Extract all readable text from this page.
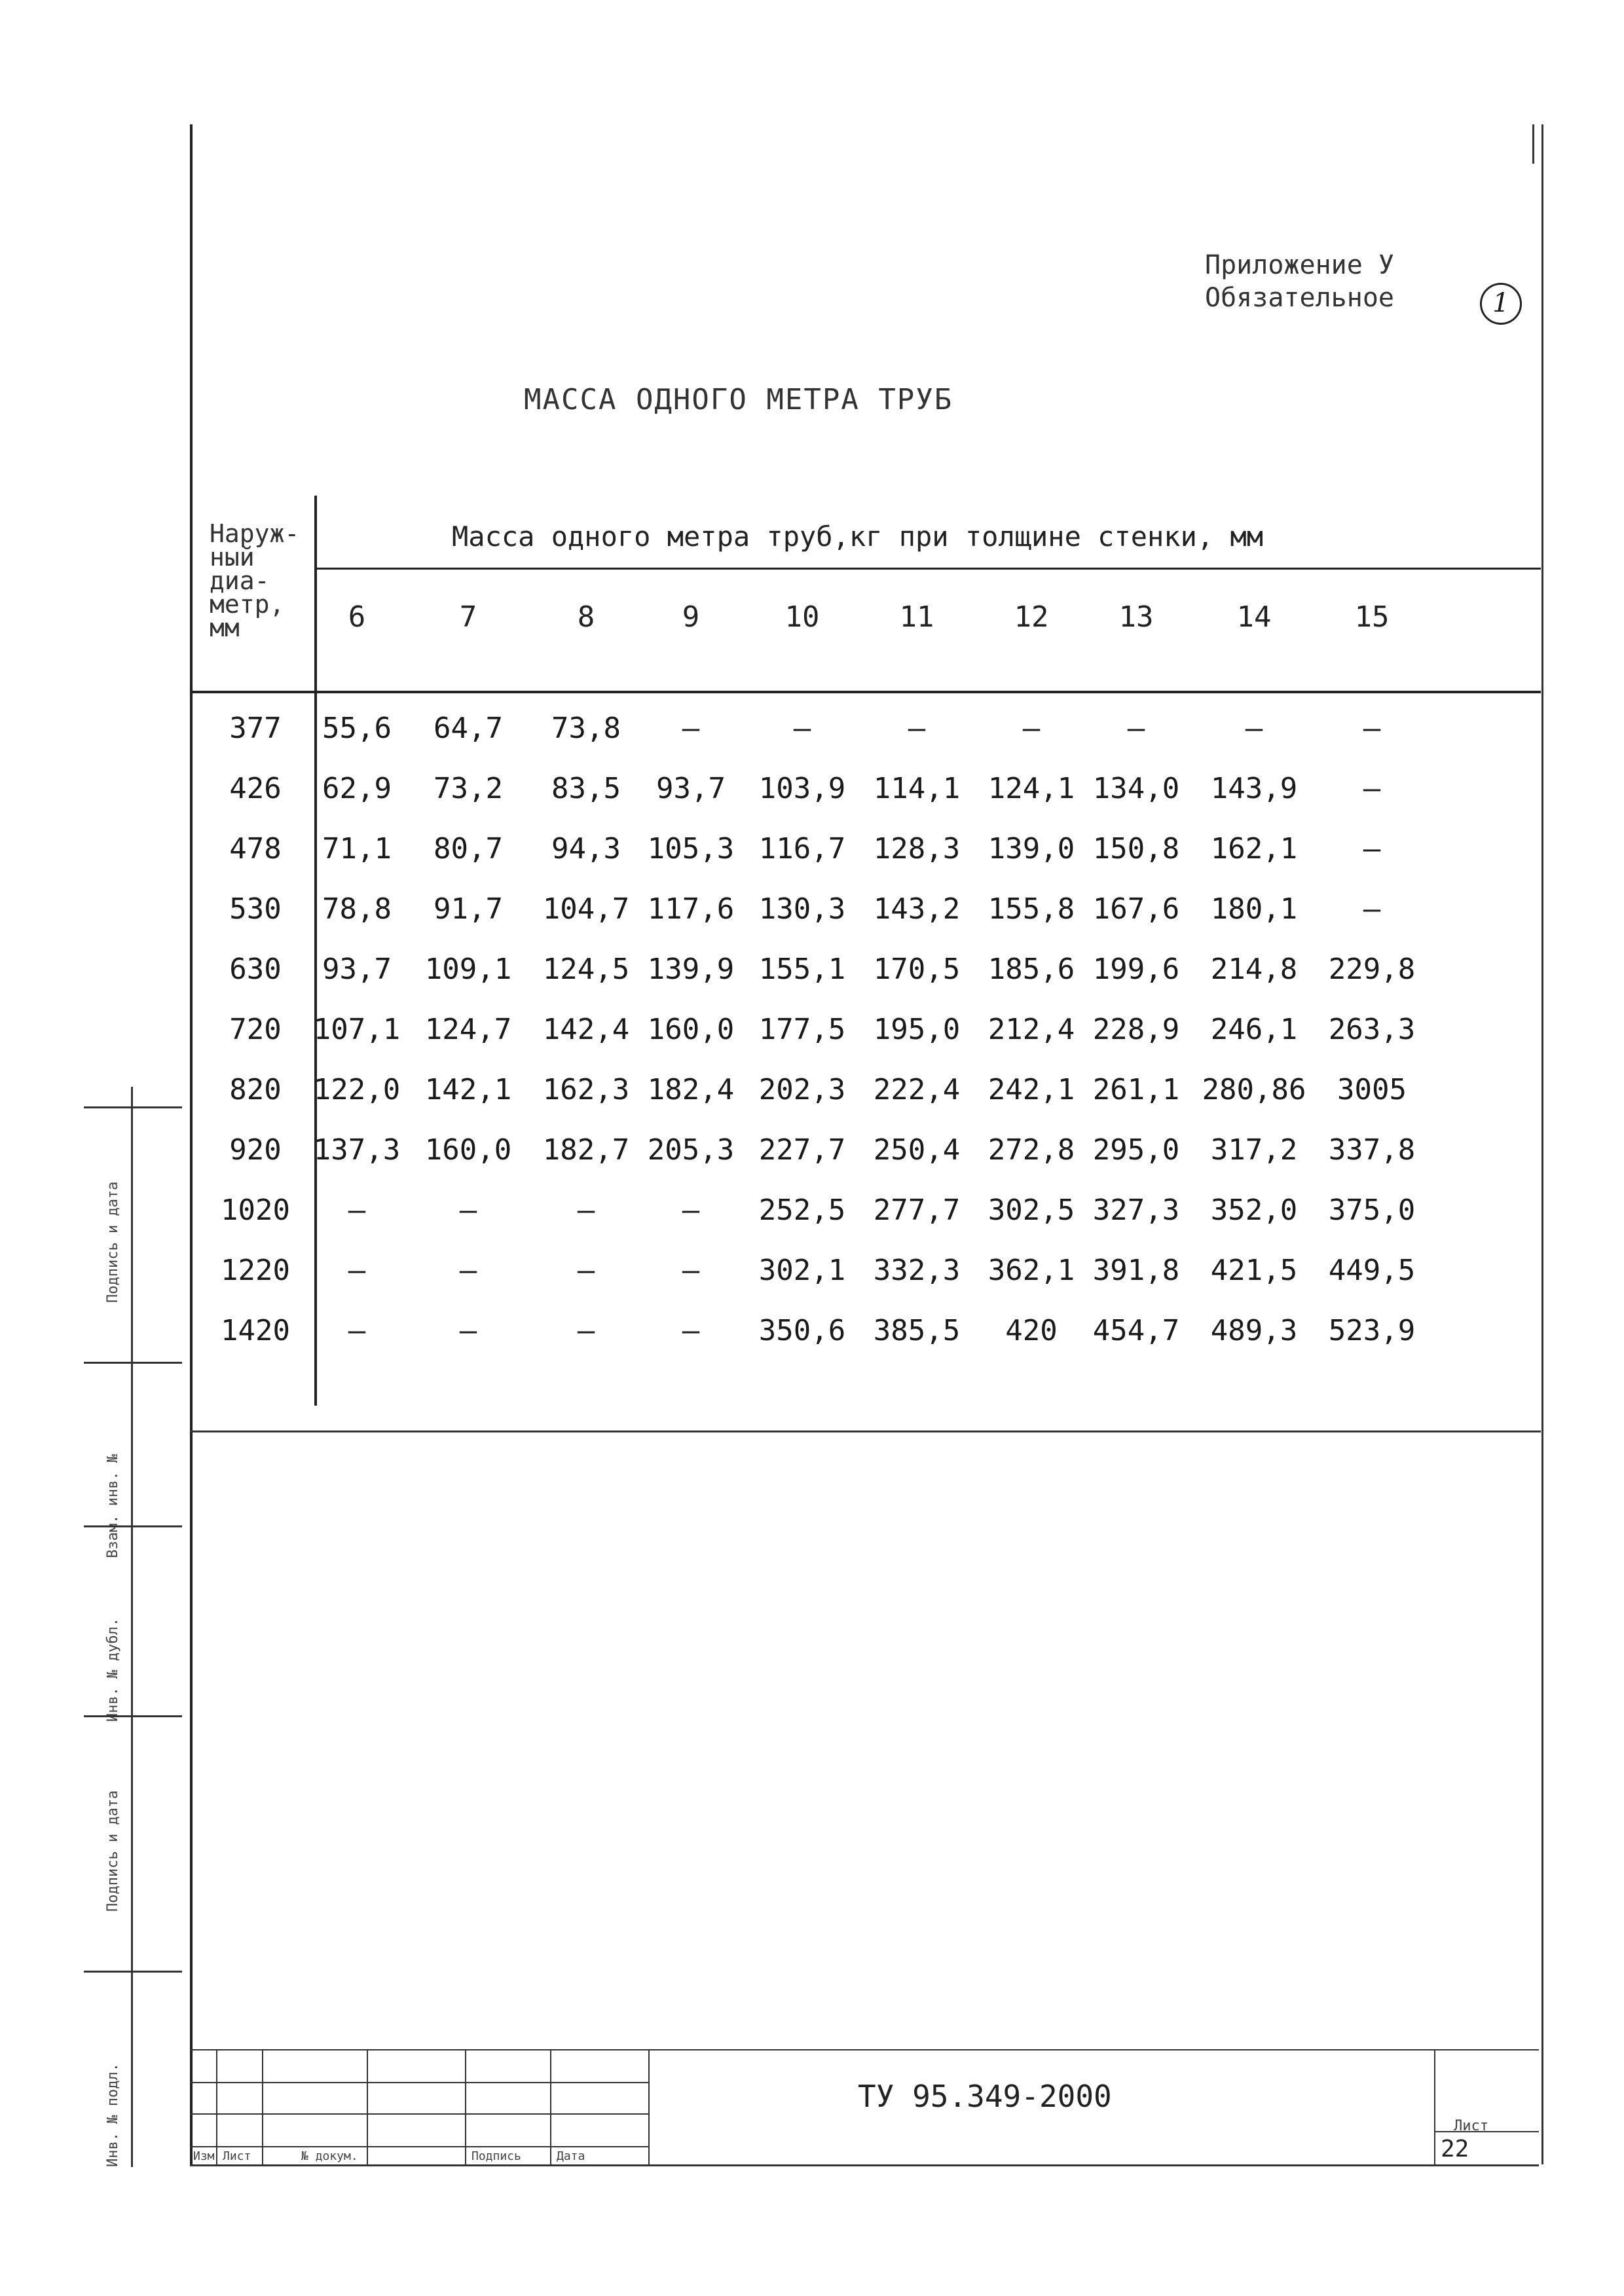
Приложение У
Обязательное	1
МАССА ОДНОГО МЕТРА ТРУБ
Наруж-ный диа-метр, мм
Масса одного метра труб,кг при толщине стенки, мм
6	7	8	9	10	11	12	13	14	15
377	55,6	64,7	73,8	–	–	–	–	–	–	–
426	62,9	73,2	83,5	93,7	103,9 114,1 124,1 134,0	143,9	–
478	71,1	80,7	94,3 105,3 116,7 128,3 139,0 150,8	162,1	–
530	78,8	91,7	104,7 117,6 130,3 143,2 155,8 167,6	180,1	–
630	93,7	109,1	124,5 139,9 155,1 170,5 185,6 199,6	214,8	229,8
720	107,1 124,7	142,4 160,0 177,5 195,0 212,4 228,9	246,1	263,3
820	122,0 142,1	162,3 182,4 202,3 222,4 242,1 261,1 280,86	3005
920	137,3 160,0	182,7 205,3 227,7 250,4 272,8 295,0	317,2	337,8
1020	–	–	–	–	252,5 277,7 302,5 327,3	352,0	375,0
1220	–	–	–	–	302,1 332,3 362,1 391,8	421,5	449,5
1420	–	–	–	–	350,6 385,5	420	454,7	489,3	523,9
Подпись и дата
Взам. инв. №
Инв. № дубл.
Подпись и дата
Инв. № подл.	ТУ 95.349-2000
Лист
22
Изм Лист	№ докум.	Подпись	Дата
